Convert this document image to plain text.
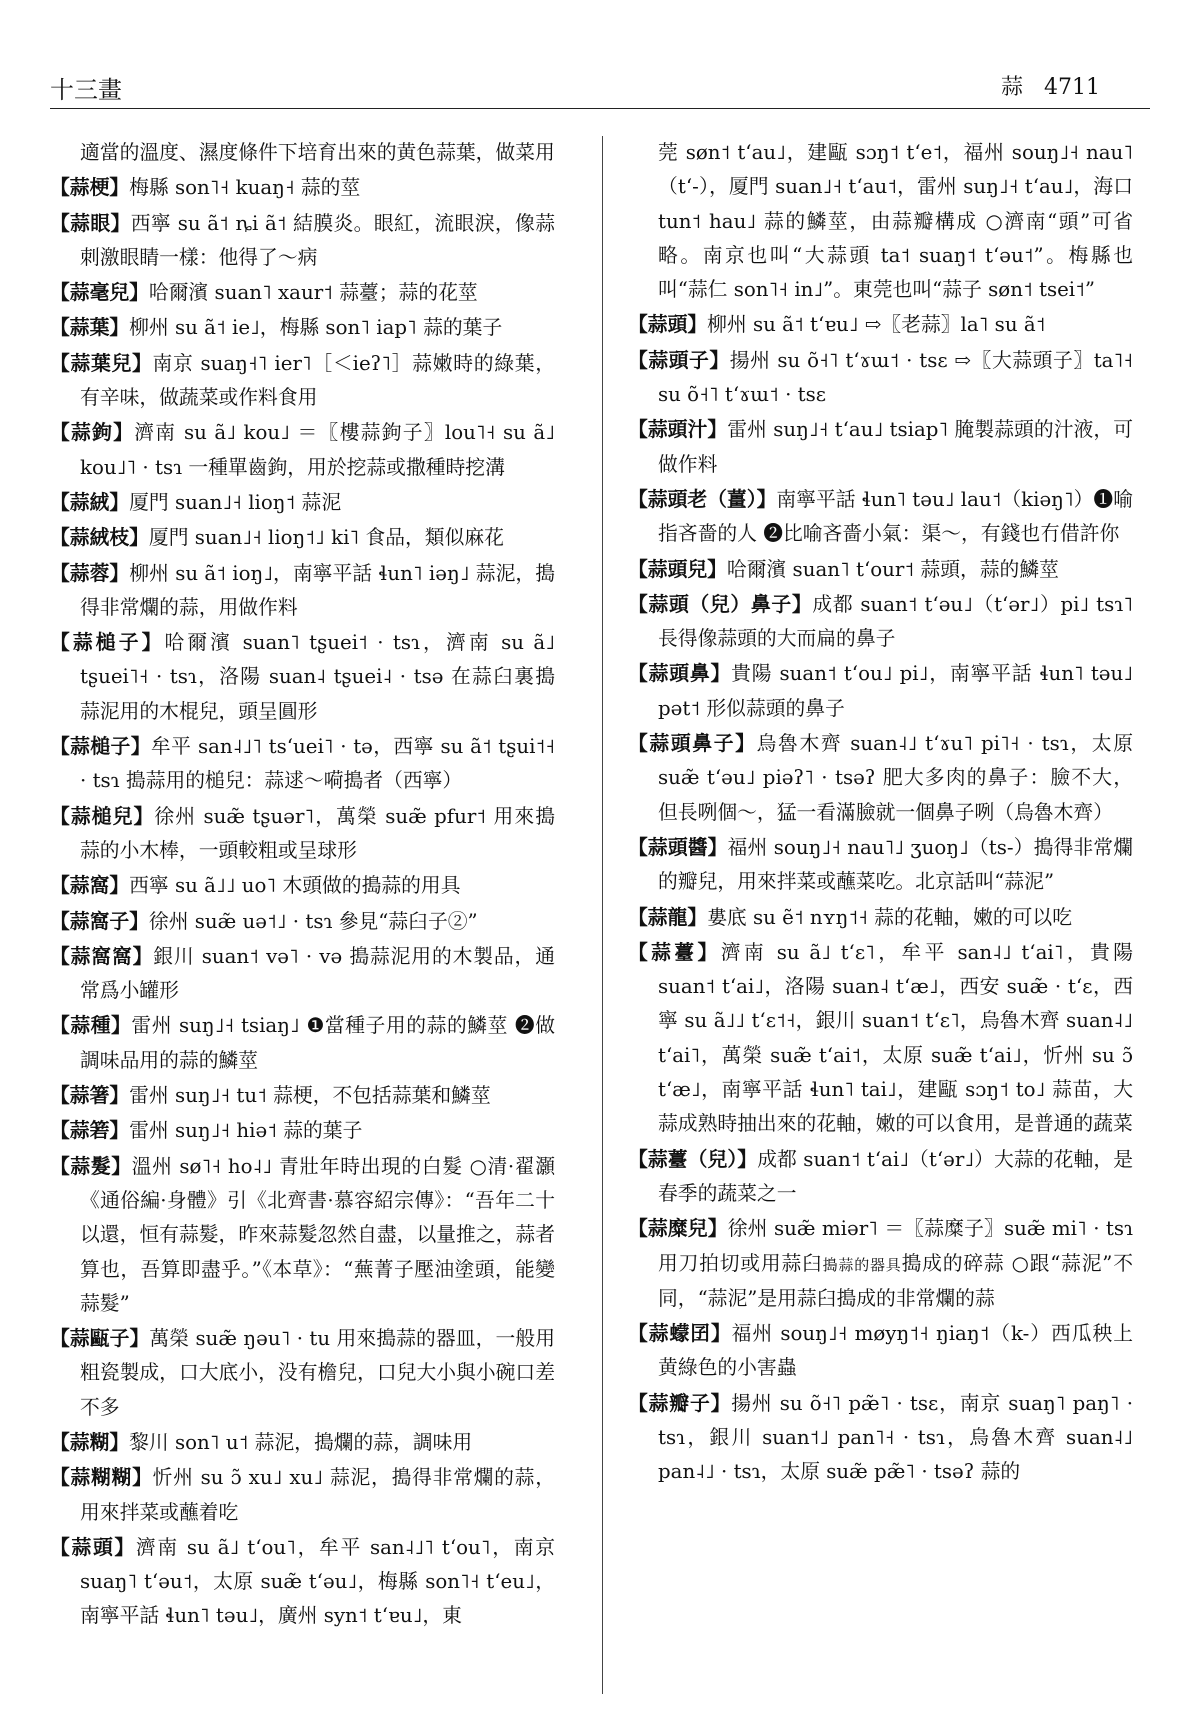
十三畫	蒜 4711

適當的溫度、濕度條件下培育出來的黄色蒜葉，做菜用

【蒜梗】梅縣 son˥˧ kuaŋ˧ 蒜的莖

【蒜眼】西寧 su ã˦ ȵi ã˦ 結膜炎。眼紅，流眼淚，像蒜刺激眼睛一樣：他得了～病

【蒜毫兒】哈爾濱 suan˥ xaur˦ 蒜薹；蒜的花莖

【蒜葉】柳州 su ã˦ ie˩，梅縣 son˥ iap˥ 蒜的葉子

【蒜葉兒】南京 suaŋ˧˥ ier˥［＜ieʔ˥］蒜嫩時的綠葉，有辛味，做蔬菜或作料食用

【蒜鉤】濟南 su ã˩ kou˩ ＝〖樓蒜鉤子〗lou˥˧ su ã˩ kou˩˥ · tsɿ 一種單齒鉤，用於挖蒜或撒種時挖溝

【蒜絨】厦門 suan˩˧ lioŋ˦ 蒜泥

【蒜絨枝】厦門 suan˩˧ lioŋ˦˩ ki˥ 食品，類似麻花

【蒜蓉】柳州 su ã˦ ioŋ˩，南寧平話 ɬun˥ iəŋ˩ 蒜泥，搗得非常爛的蒜，用做作料

【蒜槌子】哈爾濱 suan˥ tʂuei˦ · tsɿ，濟南 su ã˩ tʂuei˥˧ · tsɿ，洛陽 suan˨ tʂuei˨ · tsə 在蒜臼裏搗蒜泥用的木棍兒，頭呈圓形

【蒜槌子】牟平 san˨˩˥ tsʻuei˥ · tə，西寧 su ã˦ tʂui˦˧ · tsɿ 搗蒜用的槌兒：蒜逑～嗬搗者（西寧）

【蒜槌兒】徐州 suæ̃ tʂuər˥，萬榮 suæ̃ pfur˦ 用來搗蒜的小木棒，一頭較粗或呈球形

【蒜窩】西寧 su ã˩˩ uo˥ 木頭做的搗蒜的用具

【蒜窩子】徐州 suæ̃ uə˦˩ · tsɿ 參見“蒜臼子②”

【蒜窩窩】銀川 suan˦ və˥ · və 搗蒜泥用的木製品，通常爲小罐形

【蒜種】雷州 suŋ˩˧ tsiaŋ˩ ❶當種子用的蒜的鱗莖 ❷做調味品用的蒜的鱗莖

【蒜箸】雷州 suŋ˩˧ tu˦ 蒜梗，不包括蒜葉和鱗莖

【蒜箬】雷州 suŋ˩˧ hiə˦ 蒜的葉子

【蒜髮】溫州 sø˥˧ ho˨˩ 青壯年時出現的白髮 ○清·翟灝《通俗編·身體》引《北齊書·慕容紹宗傳》：“吾年二十以還，恒有蒜髮，昨來蒜髮忽然自盡，以量推之，蒜者算也，吾算即盡乎。”《本草》：“蕪菁子壓油塗頭，能變蒜髮”

【蒜甌子】萬榮 suæ̃ ŋəu˥ · tu 用來搗蒜的器皿，一般用粗瓷製成，口大底小，没有檐兒，口兒大小與小碗口差不多

【蒜糊】黎川 son˥ u˦ 蒜泥，搗爛的蒜，調味用

【蒜糊糊】忻州 su ɔ̃ xu˩ xu˩ 蒜泥，搗得非常爛的蒜，用來拌菜或蘸着吃

【蒜頭】濟南 su ã˩ tʻou˥，牟平 san˨˩˥ tʻou˥，南京 suaŋ˥ tʻəu˦，太原 suæ̃ tʻəu˩，梅縣 son˥˧ tʻeu˩，南寧平話 ɬun˥ təu˩，廣州 syn˦ tʻɐu˩，東

莞 søn˦ tʻau˩，建甌 sɔŋ˦ tʻe˦，福州 souŋ˩˧ nau˥（tʻ-），厦門 suan˩˧ tʻau˦，雷州 suŋ˩˧ tʻau˩，海口 tun˦ hau˩ 蒜的鱗莖，由蒜瓣構成 ○濟南“頭”可省略。南京也叫“大蒜頭 ta˦ suaŋ˦ tʻəu˦”。梅縣也叫“蒜仁 son˥˧ in˩”。東莞也叫“蒜子 søn˦ tsei˦”

【蒜頭】柳州 su ã˦ tʻɐu˩ ⇨〖老蒜〗la˥ su ã˦

【蒜頭子】揚州 su õ˧˥ tʻɤɯ˦ · tsɛ ⇨〖大蒜頭子〗ta˥˧ su õ˧˥ tʻɤɯ˦ · tsɛ

【蒜頭汁】雷州 suŋ˩˧ tʻau˩ tsiap˥ 腌製蒜頭的汁液，可做作料

【蒜頭老（薑）】南寧平話 ɬun˥ təu˩ lau˦（kiəŋ˥）❶喻指吝嗇的人 ❷比喻吝嗇小氣：渠～，有錢也冇借許你

【蒜頭兒】哈爾濱 suan˥ tʻour˦ 蒜頭，蒜的鱗莖

【蒜頭（兒）鼻子】成都 suan˦ tʻəu˩（tʻər˩）pi˩ tsɿ˥ 長得像蒜頭的大而扁的鼻子

【蒜頭鼻】貴陽 suan˦ tʻou˩ pi˩，南寧平話 ɬun˥ təu˩ pət˦ 形似蒜頭的鼻子

【蒜頭鼻子】烏魯木齊 suan˨˩ tʻɤu˥ pi˥˧ · tsɿ，太原 suæ̃ tʻəu˩ piəʔ˥ · tsəʔ 肥大多肉的鼻子：臉不大，但長咧個～，猛一看滿臉就一個鼻子咧（烏魯木齊）

【蒜頭醬】福州 souŋ˩˧ nau˥˩ ʒuoŋ˩（ts-）搗得非常爛的瓣兒，用來拌菜或蘸菜吃。北京話叫“蒜泥”

【蒜龍】婁底 su ẽ˦ nʏŋ˦˧ 蒜的花軸，嫩的可以吃

【蒜薹】濟南 su ã˩ tʻɛ˥，牟平 san˨˩ tʻai˥，貴陽 suan˦ tʻai˩，洛陽 suan˨ tʻæ˩，西安 suæ̃ · tʻɛ，西寧 su ã˩˩ tʻɛ˦˧，銀川 suan˦ tʻɛ˥，烏魯木齊 suan˨˩ tʻai˥，萬榮 suæ̃ tʻai˦，太原 suæ̃ tʻai˩，忻州 su ɔ̃ tʻæ˩，南寧平話 ɬun˥ tai˩，建甌 sɔŋ˦ to˩ 蒜苗，大蒜成熟時抽出來的花軸，嫩的可以食用，是普通的蔬菜

【蒜薹（兒）】成都 suan˦ tʻai˩（tʻər˩）大蒜的花軸，是春季的蔬菜之一

【蒜糜兒】徐州 suæ̃ miər˥ ＝〖蒜糜子〗suæ̃ mi˥ · tsɿ 用刀拍切或用蒜臼搗蒜的器具搗成的碎蒜 ○跟“蒜泥”不同，“蒜泥”是用蒜臼搗成的非常爛的蒜

【蒜蠓囝】福州 souŋ˩˧ møyŋ˦˧ ŋiaŋ˦（k-）西瓜秧上黄綠色的小害蟲

【蒜瓣子】揚州 su õ˧˥ pæ̃˥ · tsɛ，南京 suaŋ˥ paŋ˥ · tsɿ，銀川 suan˦˩ pan˥˧ · tsɿ，烏魯木齊 suan˨˩ pan˨˩ · tsɿ，太原 suæ̃ pæ̃˥ · tsəʔ 蒜的
